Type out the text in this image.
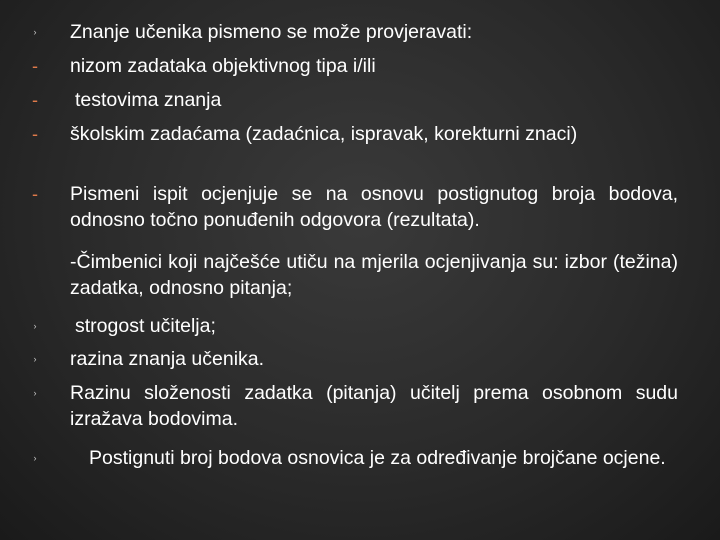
› Znanje učenika pismeno se može provjeravati:
- nizom zadataka objektivnog tipa i/ili
- testovima znanja
- školskim zadaćama (zadaćnica, ispravak, korekturni znaci)
- Pismeni ispit ocjenjuje se na osnovu postignutog broja bodova, odnosno točno ponuđenih odgovora (rezultata).
-Čimbenici koji najčešće utiču na mjerila ocjenjivanja su: izbor (težina) zadatka, odnosno pitanja;
› strogost učitelja;
› razina znanja učenika.
› Razinu složenosti zadatka (pitanja) učitelj prema osobnom sudu izražava bodovima.
›	Postignuti broj bodova osnovica je za određivanje brojčane ocjene.
